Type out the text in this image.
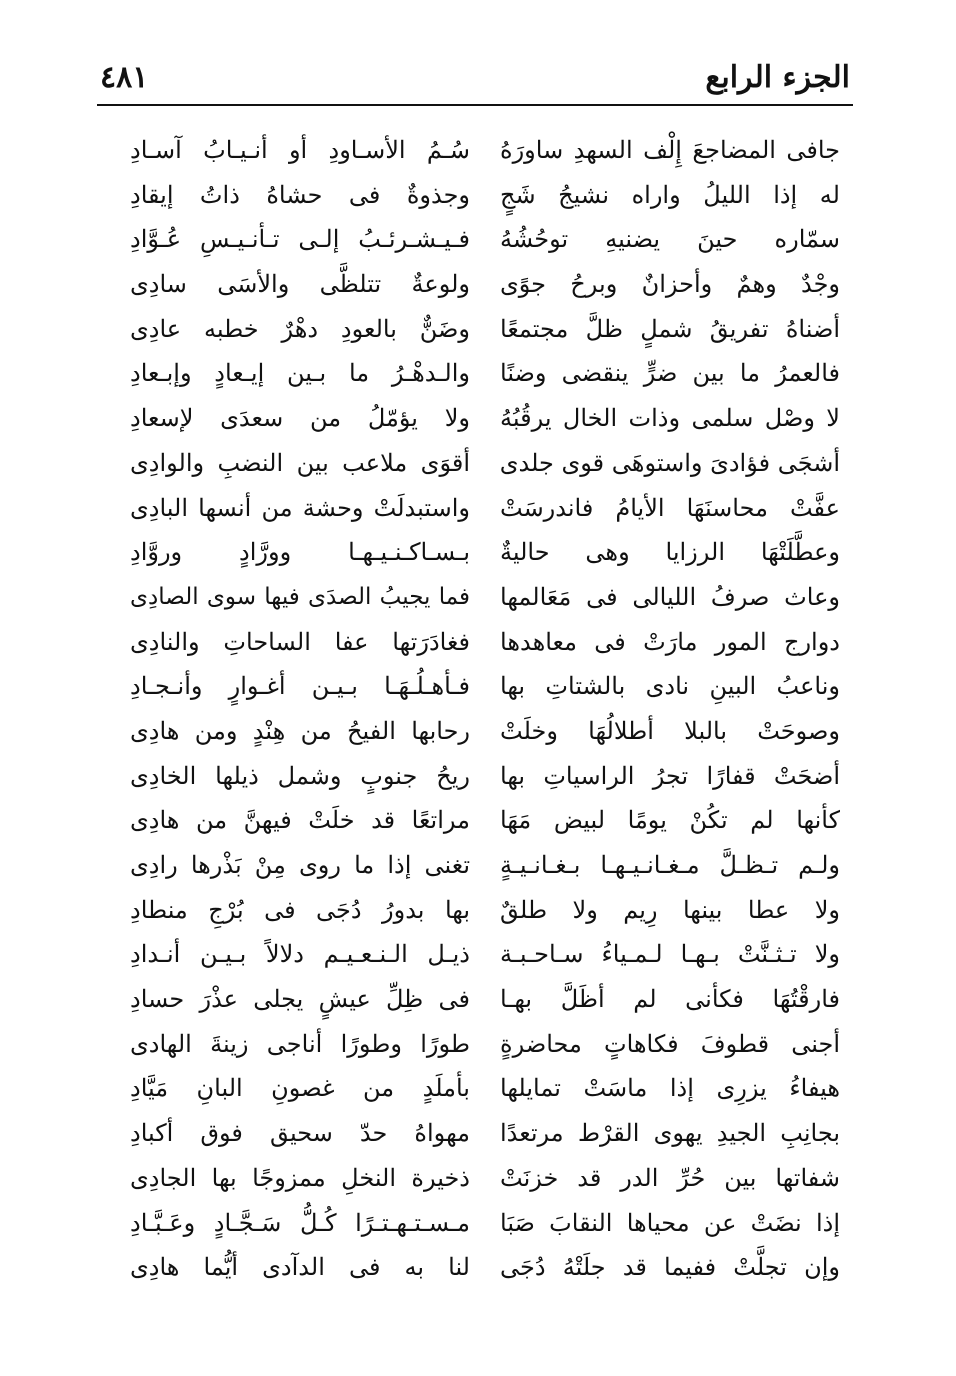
الجزء الرابع
٤٨١
جافى المضاجعَ إِلْف السهدِ ساورَهُ
له إذا الليلُ واراه نشيجُ شَجٍ
سمّاره حينَ يضنيهِ توحُشُهُ
وجْدٌ وهمٌ وأحزانٌ وبرحُ جوًى
أضناهُ تفريقُ شملٍ ظلَّ مجتمعًا
فالعمرُ ما بين ضرٍّ ينقضى وضنًا
لا وصْل سلمى وذات الخال يرقُبُهُ
أشجَى فؤادىَ واستوهَى قوى جلدى
عفَّتْ محاسنَهَا الأيامُ فاندرسَتْ
وعطَّلَتْهَا الرزايا وهى حاليةٌ
وعاث صرفُ الليالى فى مَعَالمها
دوارج المور مارَتْ فى معاهدها
وناعبُ البينِ نادى بالشتاتِ بها
وصوحَتْ بالبلا أطلالُهَا وخلَتْ
أضحَتْ قفارًا تجرُ الراسياتِ بها
كأنها لم تكُنْ يومًا لبيض مَهَا
ولـم تـظـلَّ مـغـانـيـهـا بـغـانـيـةٍ
ولا عطا بينها رِيم ولا طلقٌ
ولا تـثـنَّتْ بـهـا لـمـياءُ سـاحـبـة
فارقْتُهَا فكأنى لم أظَلَّ بهـا
أجنى قطوفَ فكاهاتٍ محاضرةٍ
هيفاءُ يزرِى إذا ماسَتْ تمايلها
بجانِبِ الجيدِ يهوى القرْط مرتعدًا
شفاتها بين حُرِّ الدر قد خزنَتْ
إذا نضَتْ عن محياها النقابَ صَبَا
وإن تجلَّتْ ففيما قد جلَتْهُ دُجَى
سُـمُ الأسـاودِ أو أنـيـابُ آسـادِ
وجذوةٌ فى حشاهُ ذاتُ إيقادِ
فـيـشـرئـبُ إلـى تـأنـيـسِ عُـوَّادِ
ولوعةٌ تتلظَّى والأسَى سادِى
وضَنٌّ بالعودِ دهْرٌ خطبه عادِى
والـدهْـرُ ما بـين إيـعادٍ وإبـعادِ
ولا يؤمّلُ من سعدَى لإسعادِ
أقوَى ملاعب بين النضبِ والوادِى
واستبدلَتْ وحشة من أنسها البادِى
بـسـاكـنـيـهـا وورَّادٍ وروَّادِ
فما يجيبُ الصدَى فيها سوى الصادِى
فغادَرَتها عفا الساحاتِ والنادِى
فـأهـلُـهَـا بـيـن أغـوارٍ وأنـجـادِ
رحابها الفيحُ من هِنْدٍ ومن هادِى
ريحُ جنوبٍ وشمل ذيلها الخادِى
مراتعًا قد خلَتْ فيهنَّ من هادِى
تغنى إذا ما روى مِنْ بَذْرها رادِى
بها بدورُ دُجَى فى بُرْجِ منطادِ
ذيـل الـنـعـيـم دلالاً بـيـن أنـدادِ
فى ظِلِّ عيشٍ يجلى عذْرَ حسادِ
طورًا وطورًا أناجى زينةَ الهادى
بأملَدٍ من غصونِ البانِ مَيَّادِ
مهواهُ حدّ سحيق فوق أكبادِ
ذخيرة النخلِ ممزوجًا بها الجادِى
مـسـتـهـتـرًا كُـلُّ سَـجَّـادٍ وعَـبَّـادِ
لنا به فى الدآدى أيُّما هادِى
